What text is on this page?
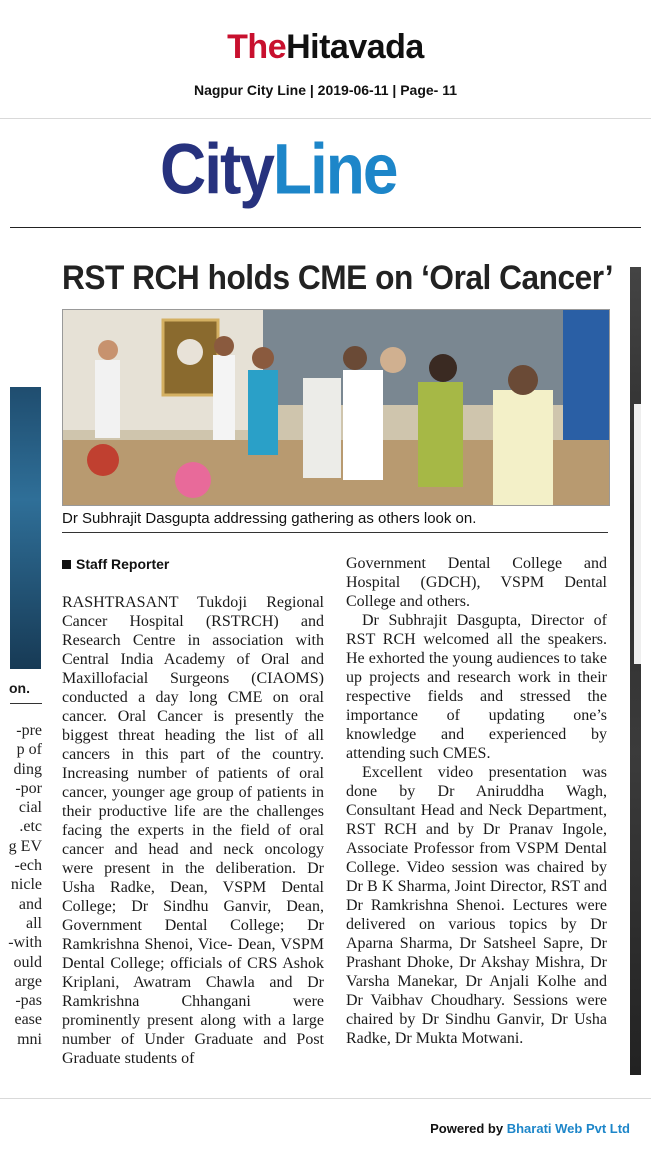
TheHitavada
Nagpur City Line | 2019-06-11 | Page- 11
CityLine
on.
pre-
p of
ding
por-
cial
etc.
g EV
ech-
nicle
and
all
with-
ould
arge
pas-
ease
mni
RST RCH holds CME on ‘Oral Cancer’
Dr Subhrajit Dasgupta addressing gathering as others look on.
Staff Reporter

RASHTRASANT Tukdoji Regional Cancer Hospital (RSTRCH) and Research Centre in association with Central India Academy of Oral and Maxillofacial Surgeons (CIAOMS) conducted a day long CME on oral cancer. Oral Cancer is presently the biggest threat heading the list of all cancers in this part of the country. Increasing number of patients of oral cancer, younger age group of patients in their productive life are the challenges facing the experts in the field of oral cancer and head and neck oncology were present in the deliberation. Dr Usha Radke, Dean, VSPM Dental College; Dr Sindhu Ganvir, Dean, Government Dental College; Dr Ramkrishna Shenoi, Vice- Dean, VSPM Dental College; officials of CRS Ashok Kriplani, Awatram Chawla and Dr Ramkrishna Chhangani were prominently present along with a large number of Under Graduate and Post Graduate students of

Government Dental College and Hospital (GDCH), VSPM Dental College and others.

Dr Subhrajit Dasgupta, Director of RST RCH welcomed all the speakers. He exhorted the young audiences to take up projects and research work in their respective fields and stressed the importance of updating one’s knowledge and experienced by attending such CMES.

Excellent video presentation was done by Dr Aniruddha Wagh, Consultant Head and Neck Department, RST RCH and by Dr Pranav Ingole, Associate Professor from VSPM Dental College. Video session was chaired by Dr B K Sharma, Joint Director, RST and Dr Ramkrishna Shenoi. Lectures were delivered on various topics by Dr Aparna Sharma, Dr Satsheel Sapre, Dr Prashant Dhoke, Dr Akshay Mishra, Dr Varsha Manekar, Dr Anjali Kolhe and Dr Vaibhav Choudhary. Sessions were chaired by Dr Sindhu Ganvir, Dr Usha Radke, Dr Mukta Motwani.

Powered by Bharati Web Pvt Ltd
